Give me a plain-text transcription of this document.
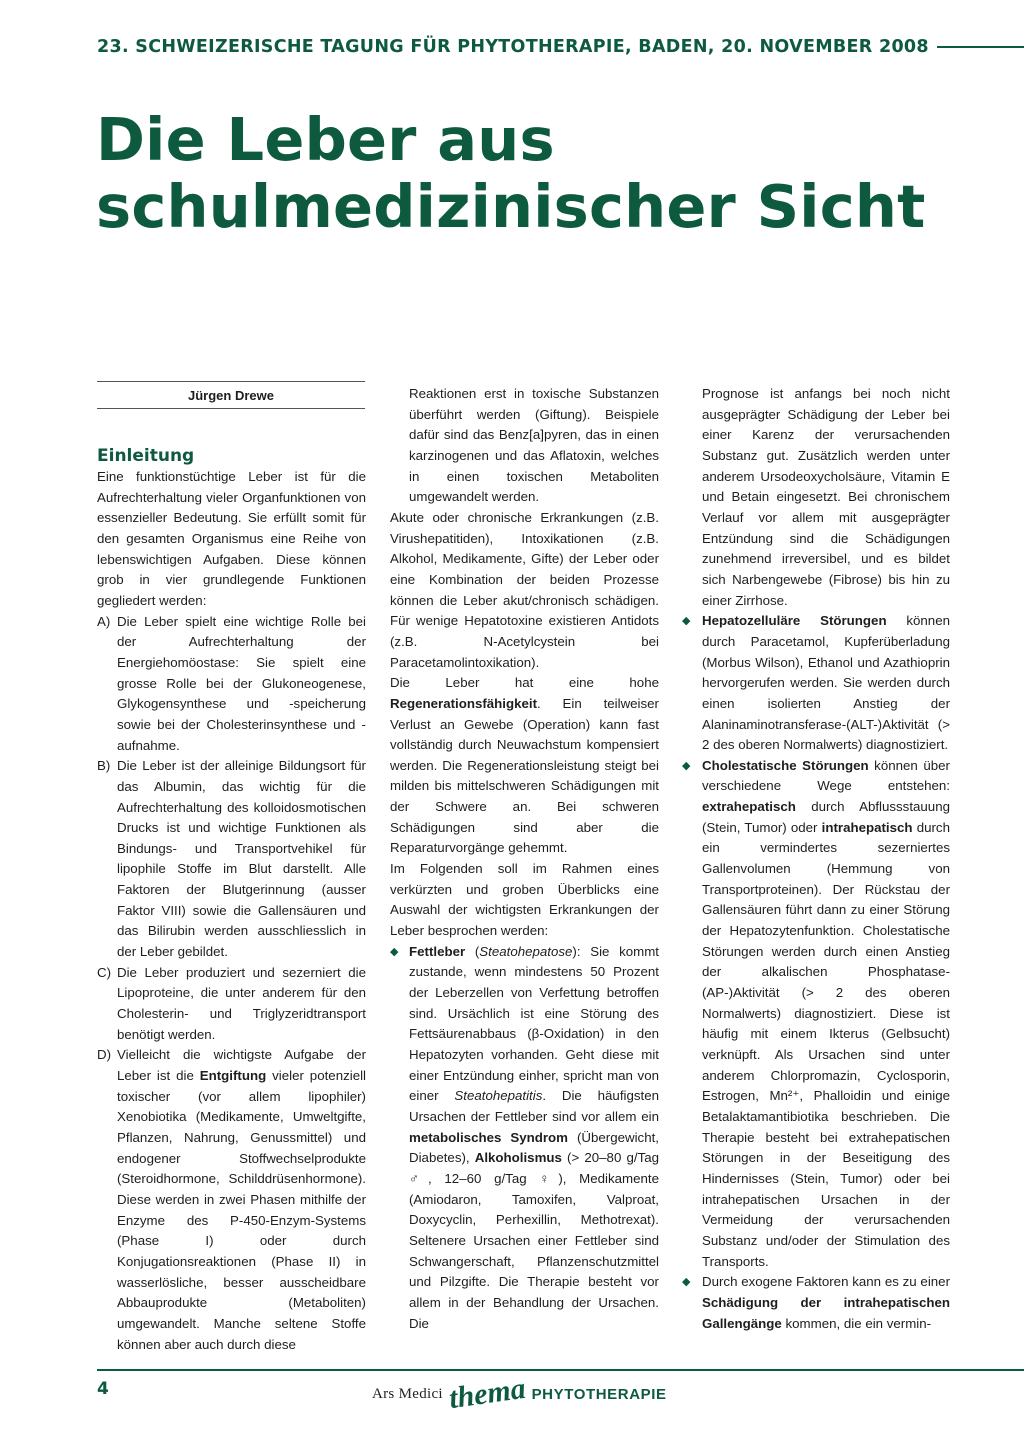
23. SCHWEIZERISCHE TAGUNG FÜR PHYTOTHERAPIE, BADEN, 20. NOVEMBER 2008
Die Leber aus
schulmedizinischer Sicht
Jürgen Drewe
Einleitung

Eine funktionstüchtige Leber ist für die Aufrechterhaltung vieler Organfunktionen von essenzieller Bedeutung. Sie erfüllt somit für den gesamten Organismus eine Reihe von lebenswichtigen Aufgaben. Diese können grob in vier grundlegende Funktionen gegliedert werden:

A) Die Leber spielt eine wichtige Rolle bei der Aufrechterhaltung der Energiehomöostase: Sie spielt eine grosse Rolle bei der Glukoneogenese, Glykogensynthese und -speicherung sowie bei der Cholesterinsynthese und -aufnahme.
B) Die Leber ist der alleinige Bildungsort für das Albumin, das wichtig für die Aufrechterhaltung des kolloidosmotischen Drucks ist und wichtige Funktionen als Bindungs- und Transportvehikel für lipophile Stoffe im Blut darstellt. Alle Faktoren der Blutgerinnung (ausser Faktor VIII) sowie die Gallensäuren und das Bilirubin werden ausschliesslich in der Leber gebildet.
C) Die Leber produziert und sezerniert die Lipoproteine, die unter anderem für den Cholesterin- und Triglyzeridtransport benötigt werden.
D) Vielleicht die wichtigste Aufgabe der Leber ist die Entgiftung vieler potenziell toxischer (vor allem lipophiler) Xenobiotika (Medikamente, Umweltgifte, Pflanzen, Nahrung, Genussmittel) und endogener Stoffwechselprodukte (Steroidhormone, Schilddrüsenhormone). Diese werden in zwei Phasen mithilfe der Enzyme des P-450-Enzym-Systems (Phase I) oder durch Konjugationsreaktionen (Phase II) in wasserlösliche, besser ausscheidbare Abbauprodukte (Metaboliten) umgewandelt. Manche seltene Stoffe können aber auch durch diese

Reaktionen erst in toxische Substanzen überführt werden (Giftung). Beispiele dafür sind das Benz[a]pyren, das in einen karzinogenen und das Aflatoxin, welches in einen toxischen Metaboliten umgewandelt werden.

Akute oder chronische Erkrankungen (z.B. Virushepatitiden), Intoxikationen (z.B. Alkohol, Medikamente, Gifte) der Leber oder eine Kombination der beiden Prozesse können die Leber akut/chronisch schädigen. Für wenige Hepatotoxine existieren Antidots (z.B. N-Acetylcystein bei Paracetamolintoxikation).

Die Leber hat eine hohe Regenerationsfähigkeit. Ein teilweiser Verlust an Gewebe (Operation) kann fast vollständig durch Neuwachstum kompensiert werden. Die Regenerationsleistung steigt bei milden bis mittelschweren Schädigungen mit der Schwere an. Bei schweren Schädigungen sind aber die Reparaturvorgänge gehemmt.

Im Folgenden soll im Rahmen eines verkürzten und groben Überblicks eine Auswahl der wichtigsten Erkrankungen der Leber besprochen werden:

◆ Fettleber (Steatohepatose): Sie kommt zustande, wenn mindestens 50 Prozent der Leberzellen von Verfettung betroffen sind. Ursächlich ist eine Störung des Fettsäurenabbaus (β-Oxidation) in den Hepatozyten vorhanden. Geht diese mit einer Entzündung einher, spricht man von einer Steatohepatitis. Die häufigsten Ursachen der Fettleber sind vor allem ein metabolisches Syndrom (Übergewicht, Diabetes), Alkoholismus (> 20–80 g/Tag ♂, 12–60 g/Tag ♀), Medikamente (Amiodaron, Tamoxifen, Valproat, Doxycyclin, Perhexillin, Methotrexat). Seltenere Ursachen einer Fettleber sind Schwangerschaft, Pflanzenschutzmittel und Pilzgifte. Die Therapie besteht vor allem in der Behandlung der Ursachen. Die

Prognose ist anfangs bei noch nicht ausgeprägter Schädigung der Leber bei einer Karenz der verursachenden Substanz gut. Zusätzlich werden unter anderem Ursodeoxycholsäure, Vitamin E und Betain eingesetzt. Bei chronischem Verlauf vor allem mit ausgeprägter Entzündung sind die Schädigungen zunehmend irreversibel, und es bildet sich Narbengewebe (Fibrose) bis hin zu einer Zirrhose.

◆ Hepatozelluläre Störungen können durch Paracetamol, Kupferüberladung (Morbus Wilson), Ethanol und Azathioprin hervorgerufen werden. Sie werden durch einen isolierten Anstieg der Alaninaminotransferase-(ALT-)Aktivität (> 2 des oberen Normalwerts) diagnostiziert.
◆ Cholestatische Störungen können über verschiedene Wege entstehen: extrahepatisch durch Abflussstauung (Stein, Tumor) oder intrahepatisch durch ein vermindertes sezerniertes Gallenvolumen (Hemmung von Transportproteinen). Der Rückstau der Gallensäuren führt dann zu einer Störung der Hepatozytenfunktion. Cholestatische Störungen werden durch einen Anstieg der alkalischen Phosphatase-(AP-)Aktivität (> 2 des oberen Normalwerts) diagnostiziert. Diese ist häufig mit einem Ikterus (Gelbsucht) verknüpft. Als Ursachen sind unter anderem Chlorpromazin, Cyclosporin, Estrogen, Mn²⁺, Phalloidin und einige Betalaktamantibiotika beschrieben. Die Therapie besteht bei extrahepatischen Störungen in der Beseitigung des Hindernisses (Stein, Tumor) oder bei intrahepatischen Ursachen in der Vermeidung der verursachenden Substanz und/oder der Stimulation des Transports.
◆ Durch exogene Faktoren kann es zu einer Schädigung der intrahepatischen Gallengänge kommen, die ein vermin-
4	Ars Medici thema PHYTOTHERAPIE
